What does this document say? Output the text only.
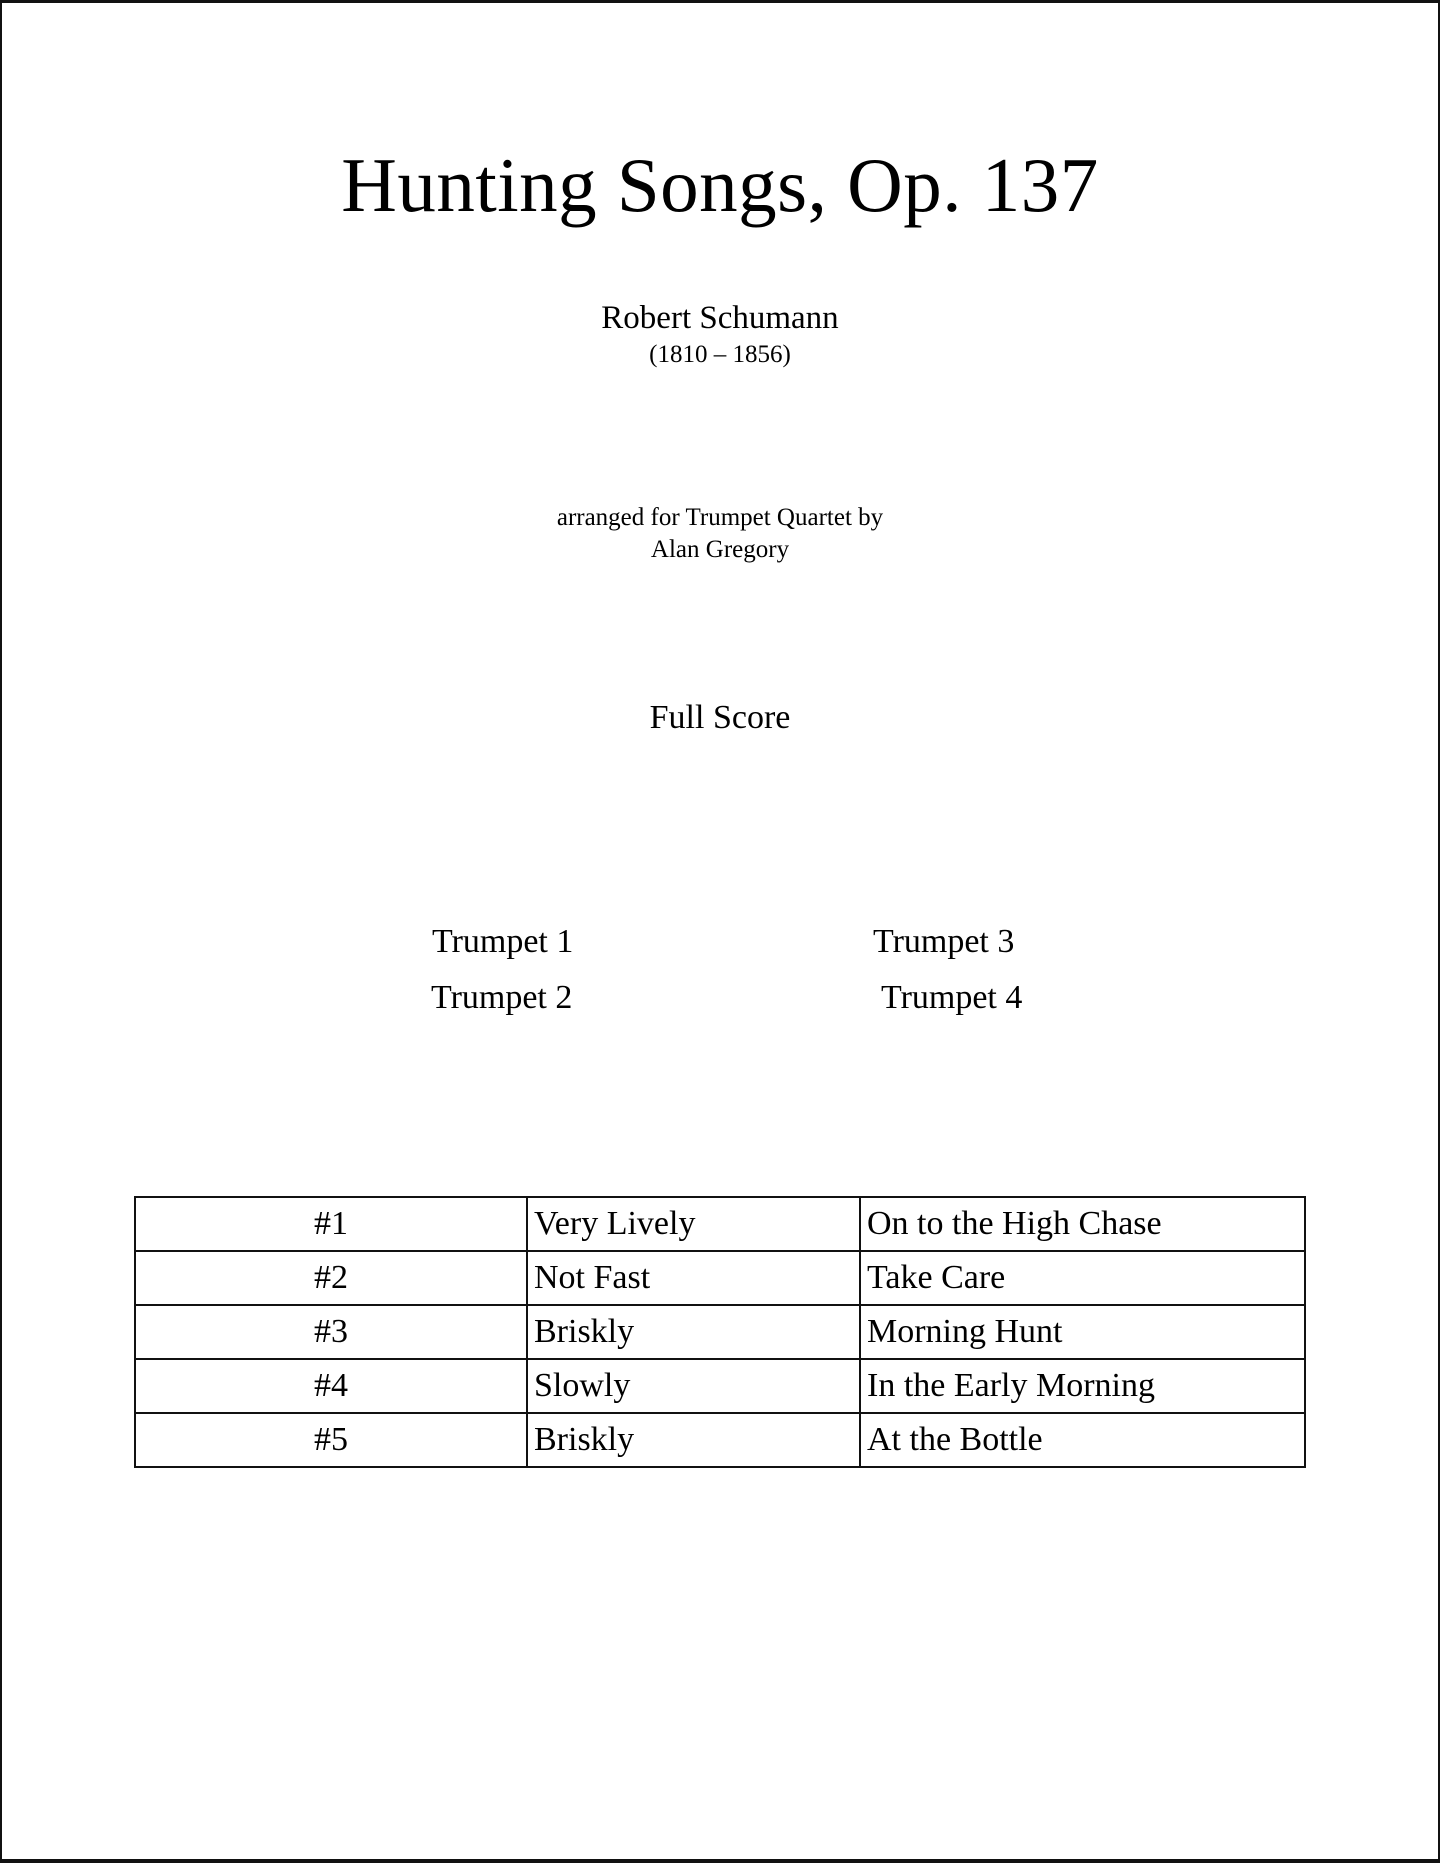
Hunting Songs, Op. 137
Robert Schumann
(1810 – 1856)
arranged for Trumpet Quartet by
Alan Gregory
Full Score
Trumpet 1
Trumpet 2
Trumpet 3
Trumpet 4
#1	Very Lively	On to the High Chase
#2	Not Fast	Take Care
#3	Briskly	Morning Hunt
#4	Slowly	In the Early Morning
#5	Briskly	At the Bottle
